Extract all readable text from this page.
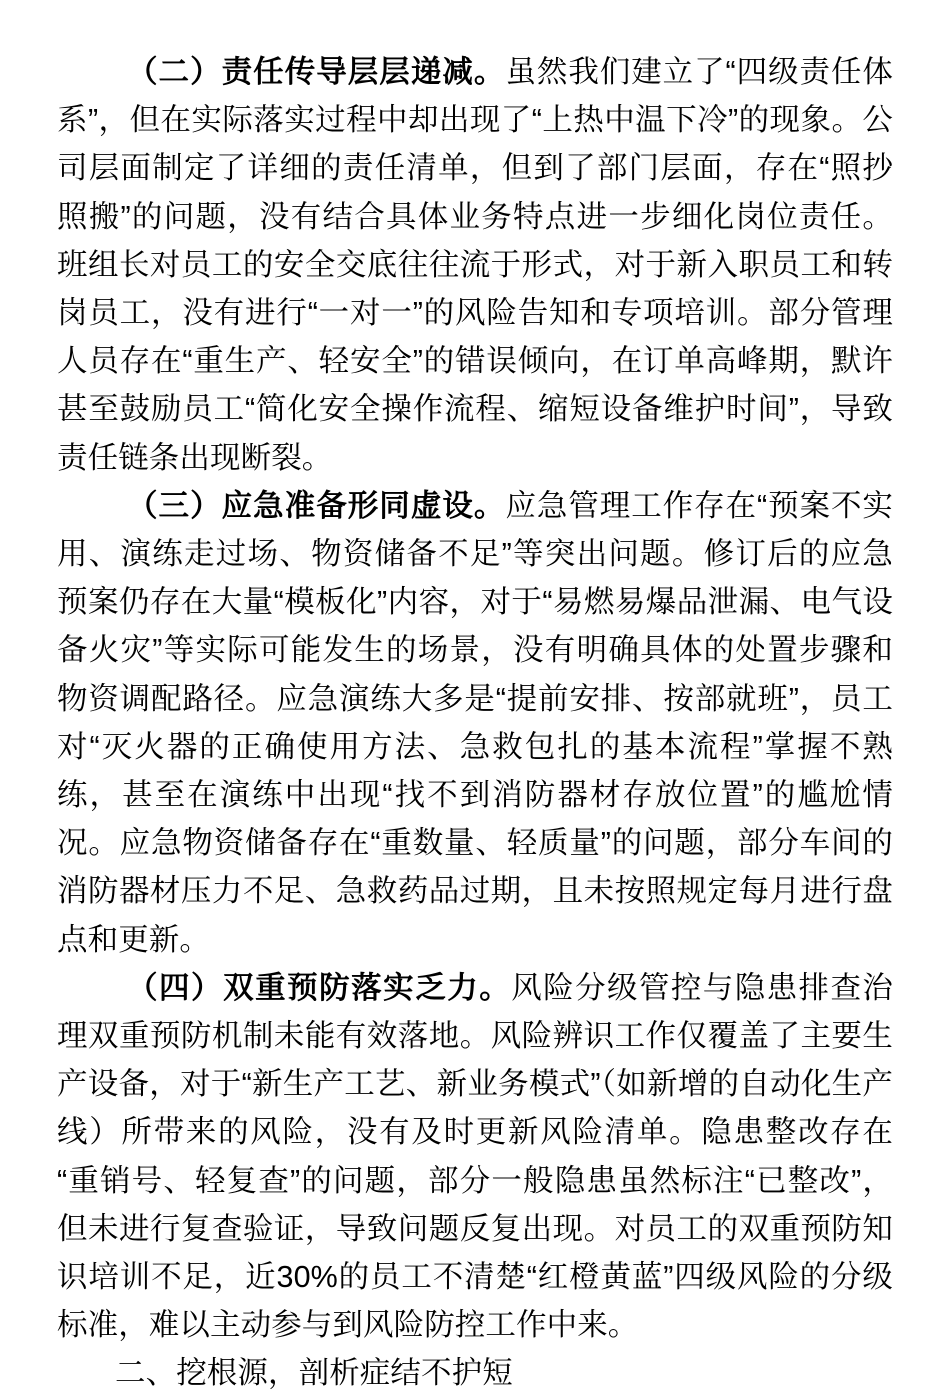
（二）责任传导层层递减。虽然我们建立了“四级责任体系”，但在实际落实过程中却出现了“上热中温下冷”的现象。公司层面制定了详细的责任清单，但到了部门层面，存在“照抄照搬”的问题，没有结合具体业务特点进一步细化岗位责任。班组长对员工的安全交底往往流于形式，对于新入职员工和转岗员工，没有进行“一对一”的风险告知和专项培训。部分管理人员存在“重生产、轻安全”的错误倾向，在订单高峰期，默许甚至鼓励员工“简化安全操作流程、缩短设备维护时间”，导致责任链条出现断裂。

（三）应急准备形同虚设。应急管理工作存在“预案不实用、演练走过场、物资储备不足”等突出问题。修订后的应急预案仍存在大量“模板化”内容，对于“易燃易爆品泄漏、电气设备火灾”等实际可能发生的场景，没有明确具体的处置步骤和物资调配路径。应急演练大多是“提前安排、按部就班”，员工对“灭火器的正确使用方法、急救包扎的基本流程”掌握不熟练，甚至在演练中出现“找不到消防器材存放位置”的尴尬情况。应急物资储备存在“重数量、轻质量”的问题，部分车间的消防器材压力不足、急救药品过期，且未按照规定每月进行盘点和更新。

（四）双重预防落实乏力。风险分级管控与隐患排查治理双重预防机制未能有效落地。风险辨识工作仅覆盖了主要生产设备，对于“新生产工艺、新业务模式”（如新增的自动化生产线）所带来的风险，没有及时更新风险清单。隐患整改存在“重销号、轻复查”的问题，部分一般隐患虽然标注“已整改”，但未进行复查验证，导致问题反复出现。对员工的双重预防知识培训不足，近30%的员工不清楚“红橙黄蓝”四级风险的分级标准，难以主动参与到风险防控工作中来。

二、挖根源，剖析症结不护短
